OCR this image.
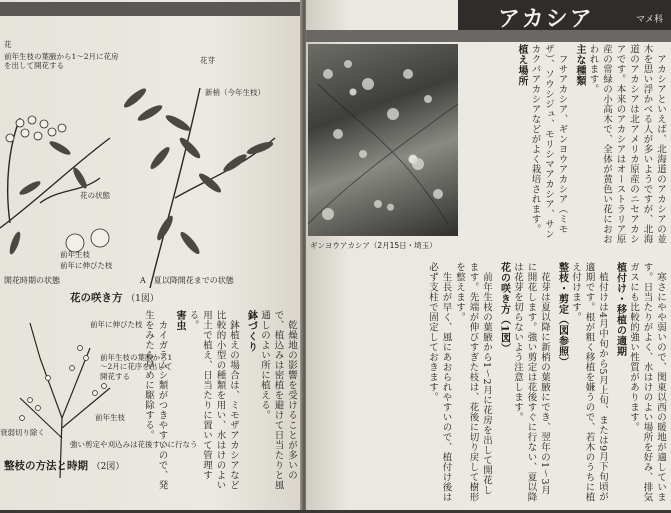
花
前年生枝の葉腋から1～2月に花房を出して開花する
花芽
新梢（今年生枝）
花の状態
前年生枝
前年に伸びた枝
開花時期の状態	A　夏以降開花までの状態
花の咲き方 （1図）
前年に伸びた枝
前年生枝の葉腋から1～2月に花序を出して開花する
前年生枝
衰弱切り除く
強い剪定や刈込みは花後すぐに行なう
整枝の方法と時期 （2図）	乾燥地の影響を受けることが多いので、植込みは密植を避けて日当たりと風通しのよい所に植える。

鉢づくり

鉢植えの場合は、ミモザアカシアなど比較的小型の種類を用い、水はけのよい用土で植え、日当たりに置いて管理する。

害虫

カイガラムシ類がつきやすいので、発生をみたら早めに駆除する。

アカシア	マメ科
ギンヨウアカシア（2月15日・埼玉）

アカシアといえば、北海道のアカシアの並木を思い浮かべる人が多いようですが、北海道のアカシアは北アメリカ原産のニセアカシアです。本来のアカシアはオーストラリア原産の常緑の小高木で、全体が黄色い花におおわれます。

主な種類

フサアカシア、ギンヨウアカシア（ミモザ）、ソウシジュ、モリシマアカシア、サンカクバアカシアなどがよく栽培されます。

植え場所

寒さにやや弱いので、関東以西の暖地が適しています。日当たりがよく、水はけのよい場所を好み、排気ガスにも比較的強い性質があります。

植付け・移植の適期

植付けは4月中旬から5月上旬、または9月下旬頃が適期です。根が粗く移植を嫌うので、若木のうちに植え付けます。

整枝・剪定（図参照）

花芽は夏以降に新梢の葉腋にでき、翌年の1～3月に開花します。強い剪定は花後すぐに行ない、夏以降は花芽を切らないよう注意します。

花の咲き方（1図）

前年生枝の葉腋から1～2月に花房を出して開花します。先端が伸びすぎた枝は、花後に切り戻して樹形を整えます。

生長が早く、風にあおられやすいので、植付け後は必ず支柱で固定しておきます。
